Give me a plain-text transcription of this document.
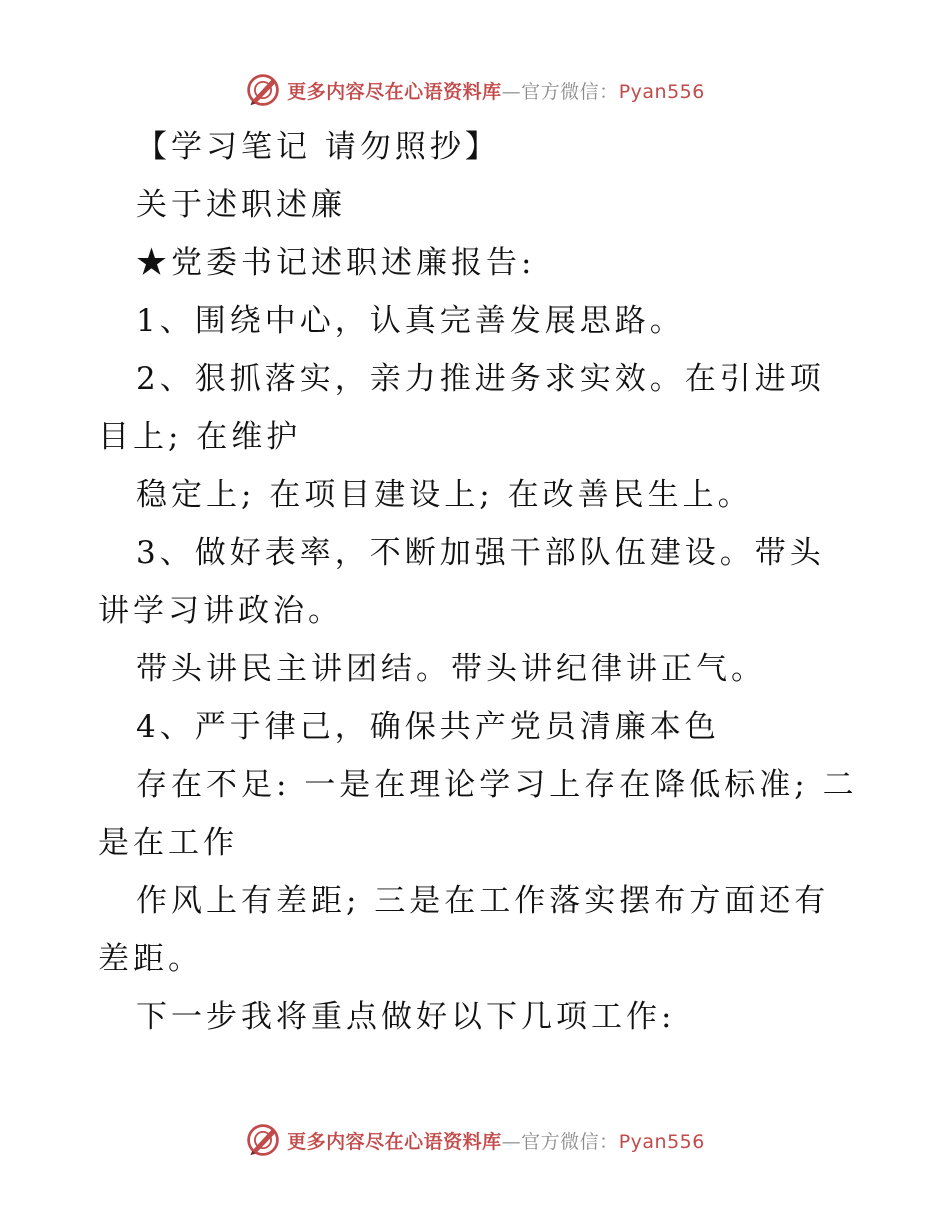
更多内容尽在心语资料库—官方微信：Pyan556

【学习笔记 请勿照抄】

关于述职述廉

★党委书记述职述廉报告:

1、围绕中心，认真完善发展思路。

2、狠抓落实，亲力推进务求实效。在引进项目上; 在维护

稳定上; 在项目建设上; 在改善民生上。

3、做好表率，不断加强干部队伍建设。带头讲学习讲政治。

带头讲民主讲团结。带头讲纪律讲正气。

4、严于律己，确保共产党员清廉本色

存在不足: 一是在理论学习上存在降低标准; 二是在工作

作风上有差距; 三是在工作落实摆布方面还有差距。

下一步我将重点做好以下几项工作:

更多内容尽在心语资料库—官方微信：Pyan556
